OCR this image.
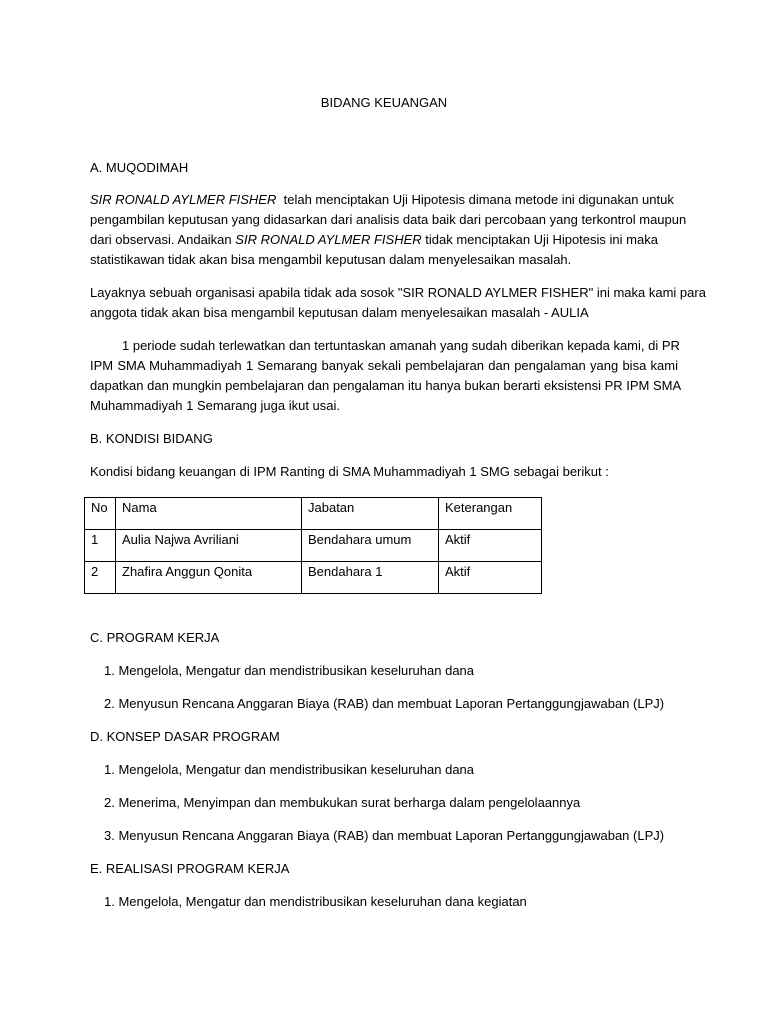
BIDANG KEUANGAN
A. MUQODIMAH
SIR RONALD AYLMER FISHER telah menciptakan Uji Hipotesis dimana metode ini digunakan untuk
pengambilan keputusan yang didasarkan dari analisis data baik dari percobaan yang terkontrol maupun
dari observasi. Andaikan SIR RONALD AYLMER FISHER tidak menciptakan Uji Hipotesis ini maka
statistikawan tidak akan bisa mengambil keputusan dalam menyelesaikan masalah.
Layaknya sebuah organisasi apabila tidak ada sosok "SIR RONALD AYLMER FISHER" ini maka kami para
anggota tidak akan bisa mengambil keputusan dalam menyelesaikan masalah - AULIA
1 periode sudah terlewatkan dan tertuntaskan amanah yang sudah diberikan kepada kami, di PR
IPM SMA Muhammadiyah 1 Semarang banyak sekali pembelajaran dan pengalaman yang bisa kami
dapatkan dan mungkin pembelajaran dan pengalaman itu hanya bukan berarti eksistensi PR IPM SMA
Muhammadiyah 1 Semarang juga ikut usai.
B. KONDISI BIDANG
Kondisi bidang keuangan di IPM Ranting di SMA Muhammadiyah 1 SMG sebagai berikut :
No	Nama	Jabatan	Keterangan
1	Aulia Najwa Avriliani	Bendahara umum	Aktif
2	Zhafira Anggun Qonita	Bendahara 1	Aktif
C. PROGRAM KERJA
1. Mengelola, Mengatur dan mendistribusikan keseluruhan dana
2. Menyusun Rencana Anggaran Biaya (RAB) dan membuat Laporan Pertanggungjawaban (LPJ)
D. KONSEP DASAR PROGRAM
1. Mengelola, Mengatur dan mendistribusikan keseluruhan dana
2. Menerima, Menyimpan dan membukukan surat berharga dalam pengelolaannya
3. Menyusun Rencana Anggaran Biaya (RAB) dan membuat Laporan Pertanggungjawaban (LPJ)
E. REALISASI PROGRAM KERJA
1. Mengelola, Mengatur dan mendistribusikan keseluruhan dana kegiatan
